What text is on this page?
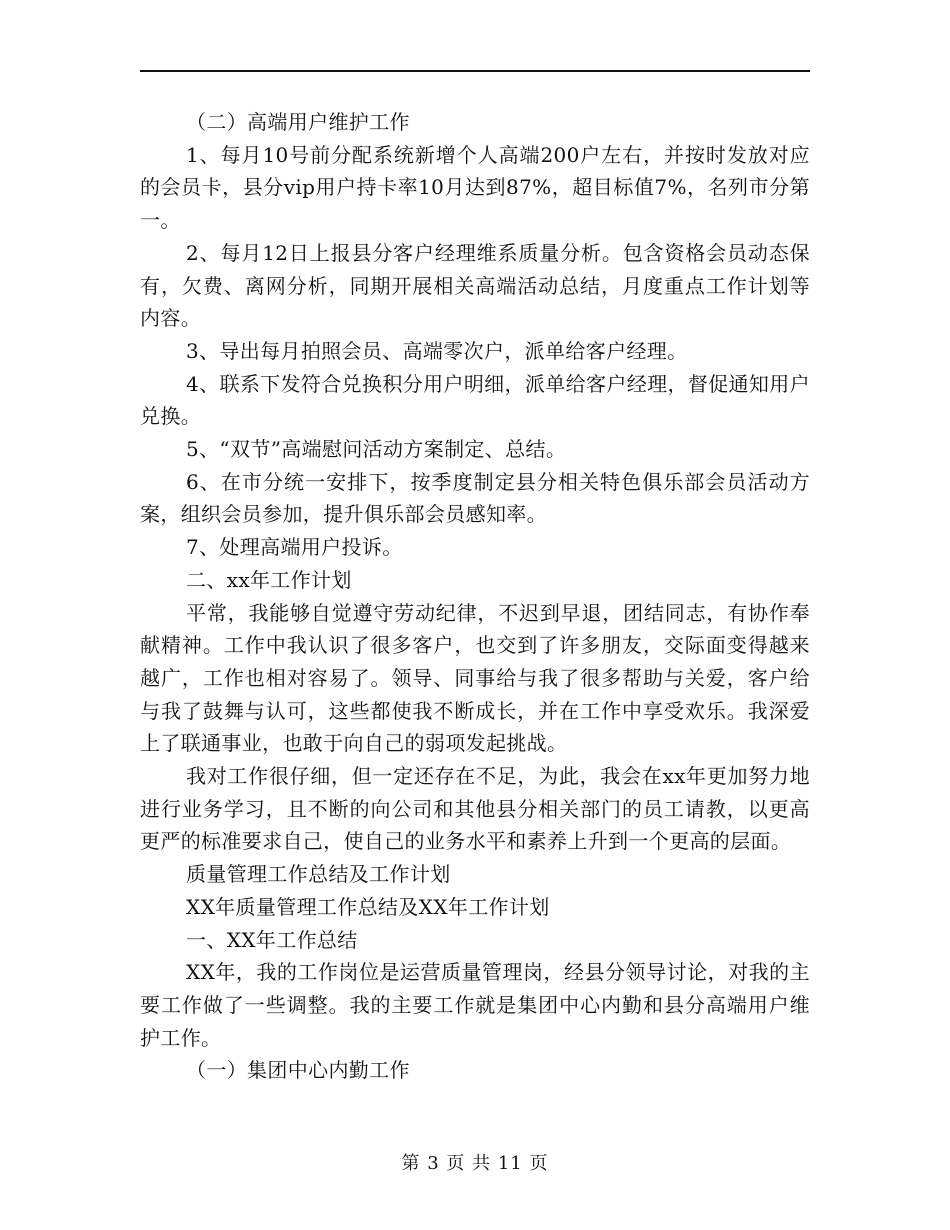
（二）高端用户维护工作

1、每月10号前分配系统新增个人高端200户左右，并按时发放对应的会员卡，县分vip用户持卡率10月达到87%，超目标值7%，名列市分第一。

2、每月12日上报县分客户经理维系质量分析。包含资格会员动态保有，欠费、离网分析，同期开展相关高端活动总结，月度重点工作计划等内容。

3、导出每月拍照会员、高端零次户，派单给客户经理。

4、联系下发符合兑换积分用户明细，派单给客户经理，督促通知用户兑换。

5、“双节”高端慰问活动方案制定、总结。

6、在市分统一安排下，按季度制定县分相关特色俱乐部会员活动方案，组织会员参加，提升俱乐部会员感知率。

7、处理高端用户投诉。

二、xx年工作计划

平常，我能够自觉遵守劳动纪律，不迟到早退，团结同志，有协作奉献精神。工作中我认识了很多客户，也交到了许多朋友，交际面变得越来越广，工作也相对容易了。领导、同事给与我了很多帮助与关爱，客户给与我了鼓舞与认可，这些都使我不断成长，并在工作中享受欢乐。我深爱上了联通事业，也敢于向自己的弱项发起挑战。

我对工作很仔细，但一定还存在不足，为此，我会在xx年更加努力地进行业务学习，且不断的向公司和其他县分相关部门的员工请教，以更高更严的标准要求自己，使自己的业务水平和素养上升到一个更高的层面。

质量管理工作总结及工作计划

XX年质量管理工作总结及XX年工作计划

一、XX年工作总结

XX年，我的工作岗位是运营质量管理岗，经县分领导讨论，对我的主要工作做了一些调整。我的主要工作就是集团中心内勤和县分高端用户维护工作。

（一）集团中心内勤工作

第 3 页 共 11 页
